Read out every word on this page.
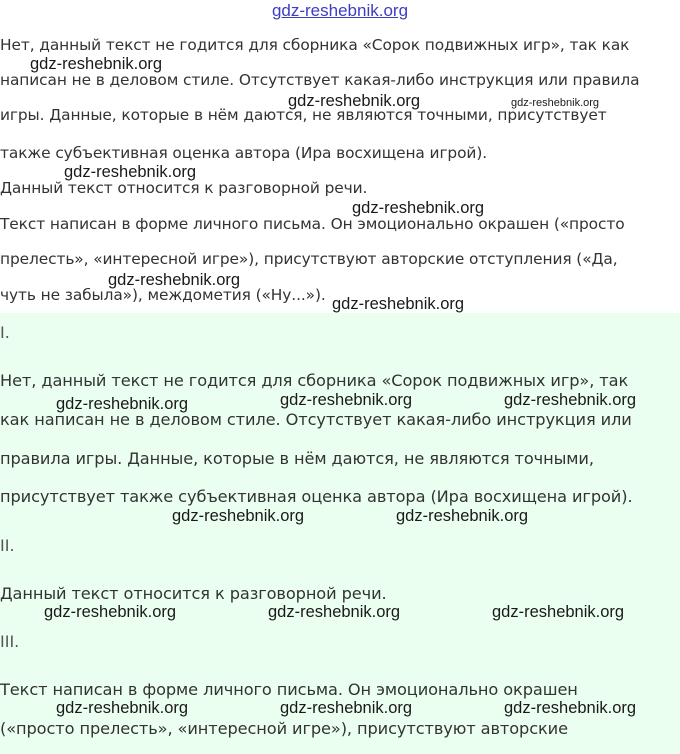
gdz-reshebnik.org
Нет, данный текст не годится для сборника «Сорок подвижных игр», так как
написан не в деловом стиле. Отсутствует какая-либо инструкция или правила
игры. Данные, которые в нём даются, не являются точными, присутствует
также субъективная оценка автора (Ира восхищена игрой).
Данный текст относится к разговорной речи.
Текст написан в форме личного письма. Он эмоционально окрашен («просто
прелесть», «интересной игре»), присутствуют авторские отступления («Да,
чуть не забыла»), междометия («Ну...»).
I.
Нет, данный текст не годится для сборника «Сорок подвижных игр», так
как написан не в деловом стиле. Отсутствует какая-либо инструкция или
правила игры. Данные, которые в нём даются, не являются точными,
присутствует также субъективная оценка автора (Ира восхищена игрой).
II.
Данный текст относится к разговорной речи.
III.
Текст написан в форме личного письма. Он эмоционально окрашен
(«просто прелесть», «интересной игре»), присутствуют авторские
gdz-reshebnik.org
gdz-reshebnik.org	gdz-reshebnik.org
gdz-reshebnik.org
gdz-reshebnik.org
gdz-reshebnik.org
gdz-reshebnik.org
gdz-reshebnik.org	gdz-reshebnik.org	gdz-reshebnik.org
gdz-reshebnik.org	gdz-reshebnik.org
gdz-reshebnik.org	gdz-reshebnik.org	gdz-reshebnik.org
gdz-reshebnik.org	gdz-reshebnik.org	gdz-reshebnik.org
